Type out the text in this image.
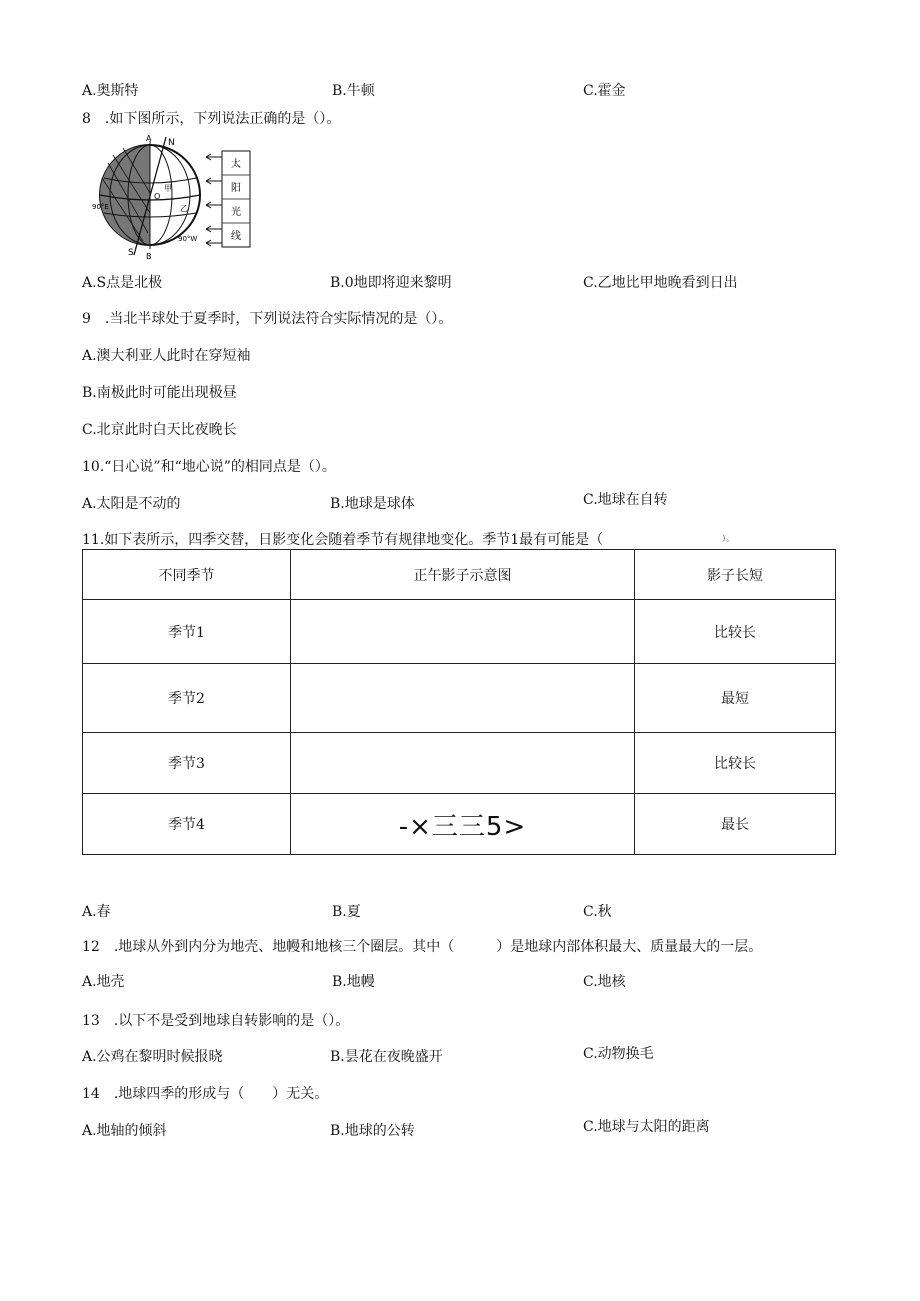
A.奥斯特	B.牛顿	C.霍金
8　.如下图所示，下列说法正确的是（）。
太
阳
光
线
90°E
90°W
N
S
A
B
O
甲
乙
A.S点是北极	B.0地即将迎来黎明	C.乙地比甲地晚看到日出
9　.当北半球处于夏季时，下列说法符合实际情况的是（）。
A.澳大利亚人此时在穿短袖
B.南极此时可能出现极昼
C.北京此时白天比夜晚长
10.“日心说”和“地心说”的相同点是（）。
A.太阳是不动的	B.地球是球体	C.地球在自转
11.如下表所示，四季交替，日影变化会随着季节有规律地变化。季节1最有可能是（	）。
不同季节	正午影子示意图	影子长短
季节1		比较长
季节2		最短
季节3		比较长
季节4	-×三三5>	最长
A.春	B.夏	C.秋
12　.地球从外到内分为地壳、地幔和地核三个圈层。其中（　　　）是地球内部体积最大、质量最大的一层。
A.地壳	B.地幔	C.地核
13　.以下不是受到地球自转影响的是（）。
A.公鸡在黎明时候报晓	B.昙花在夜晚盛开	C.动物换毛
14　.地球四季的形成与（　　）无关。
A.地轴的倾斜	B.地球的公转	C.地球与太阳的距离
